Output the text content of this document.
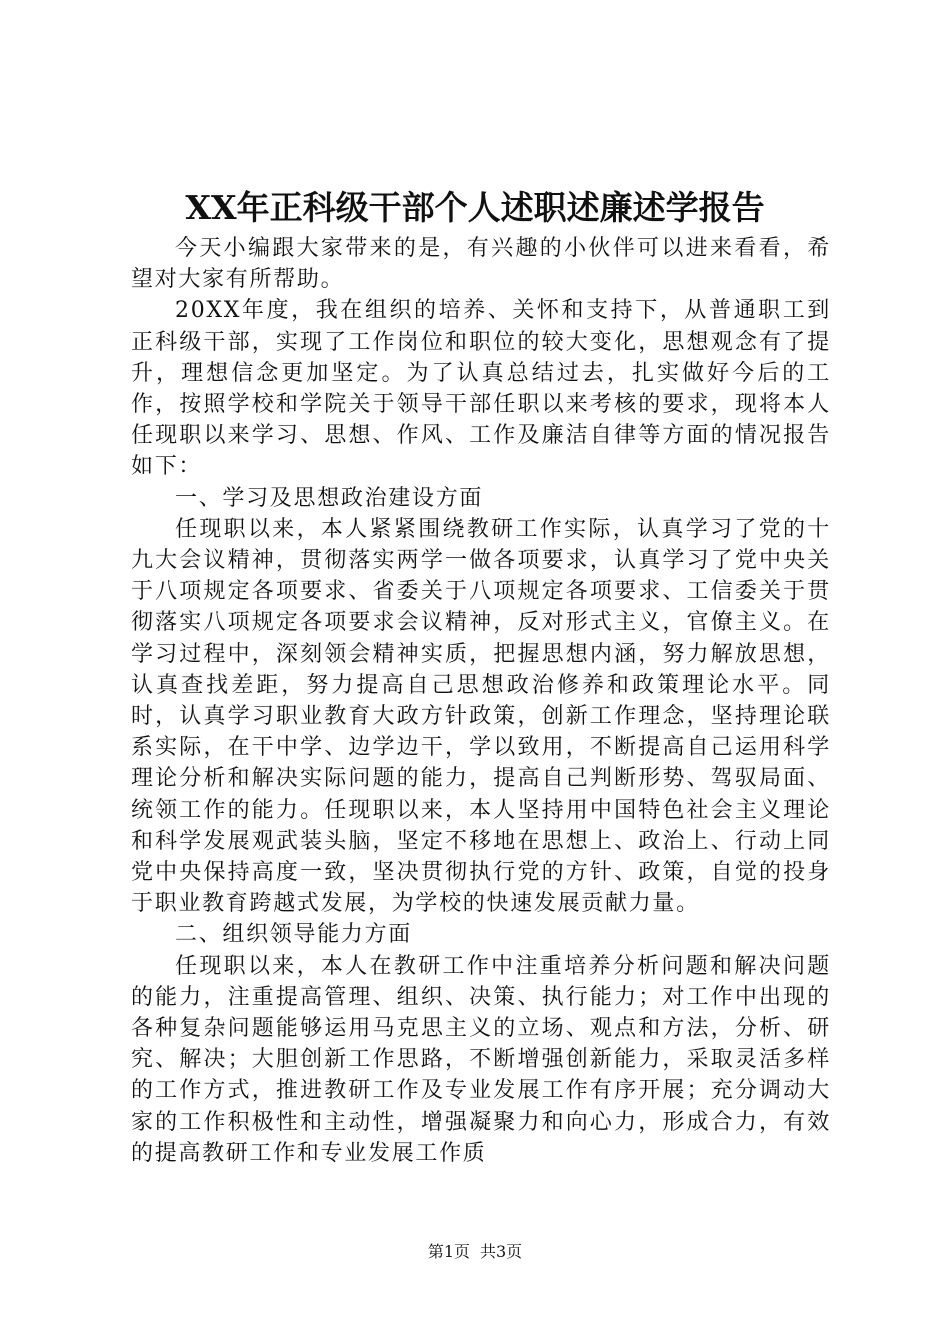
XX年正科级干部个人述职述廉述学报告

今天小编跟大家带来的是，有兴趣的小伙伴可以进来看看，希望对大家有所帮助。

20XX年度，我在组织的培养、关怀和支持下，从普通职工到正科级干部，实现了工作岗位和职位的较大变化，思想观念有了提升，理想信念更加坚定。为了认真总结过去，扎实做好今后的工作，按照学校和学院关于领导干部任职以来考核的要求，现将本人任现职以来学习、思想、作风、工作及廉洁自律等方面的情况报告如下：

一、学习及思想政治建设方面

任现职以来，本人紧紧围绕教研工作实际，认真学习了党的十九大会议精神，贯彻落实两学一做各项要求，认真学习了党中央关于八项规定各项要求、省委关于八项规定各项要求、工信委关于贯彻落实八项规定各项要求会议精神，反对形式主义，官僚主义。在学习过程中，深刻领会精神实质，把握思想内涵，努力解放思想，认真查找差距，努力提高自己思想政治修养和政策理论水平。同时，认真学习职业教育大政方针政策，创新工作理念，坚持理论联系实际，在干中学、边学边干，学以致用，不断提高自己运用科学理论分析和解决实际问题的能力，提高自己判断形势、驾驭局面、统领工作的能力。任现职以来，本人坚持用中国特色社会主义理论和科学发展观武装头脑，坚定不移地在思想上、政治上、行动上同党中央保持高度一致，坚决贯彻执行党的方针、政策，自觉的投身于职业教育跨越式发展，为学校的快速发展贡献力量。

二、组织领导能力方面

任现职以来，本人在教研工作中注重培养分析问题和解决问题的能力，注重提高管理、组织、决策、执行能力；对工作中出现的各种复杂问题能够运用马克思主义的立场、观点和方法，分析、研究、解决；大胆创新工作思路，不断增强创新能力，采取灵活多样的工作方式，推进教研工作及专业发展工作有序开展；充分调动大家的工作积极性和主动性，增强凝聚力和向心力，形成合力，有效的提高教研工作和专业发展工作质

第1页 共3页
